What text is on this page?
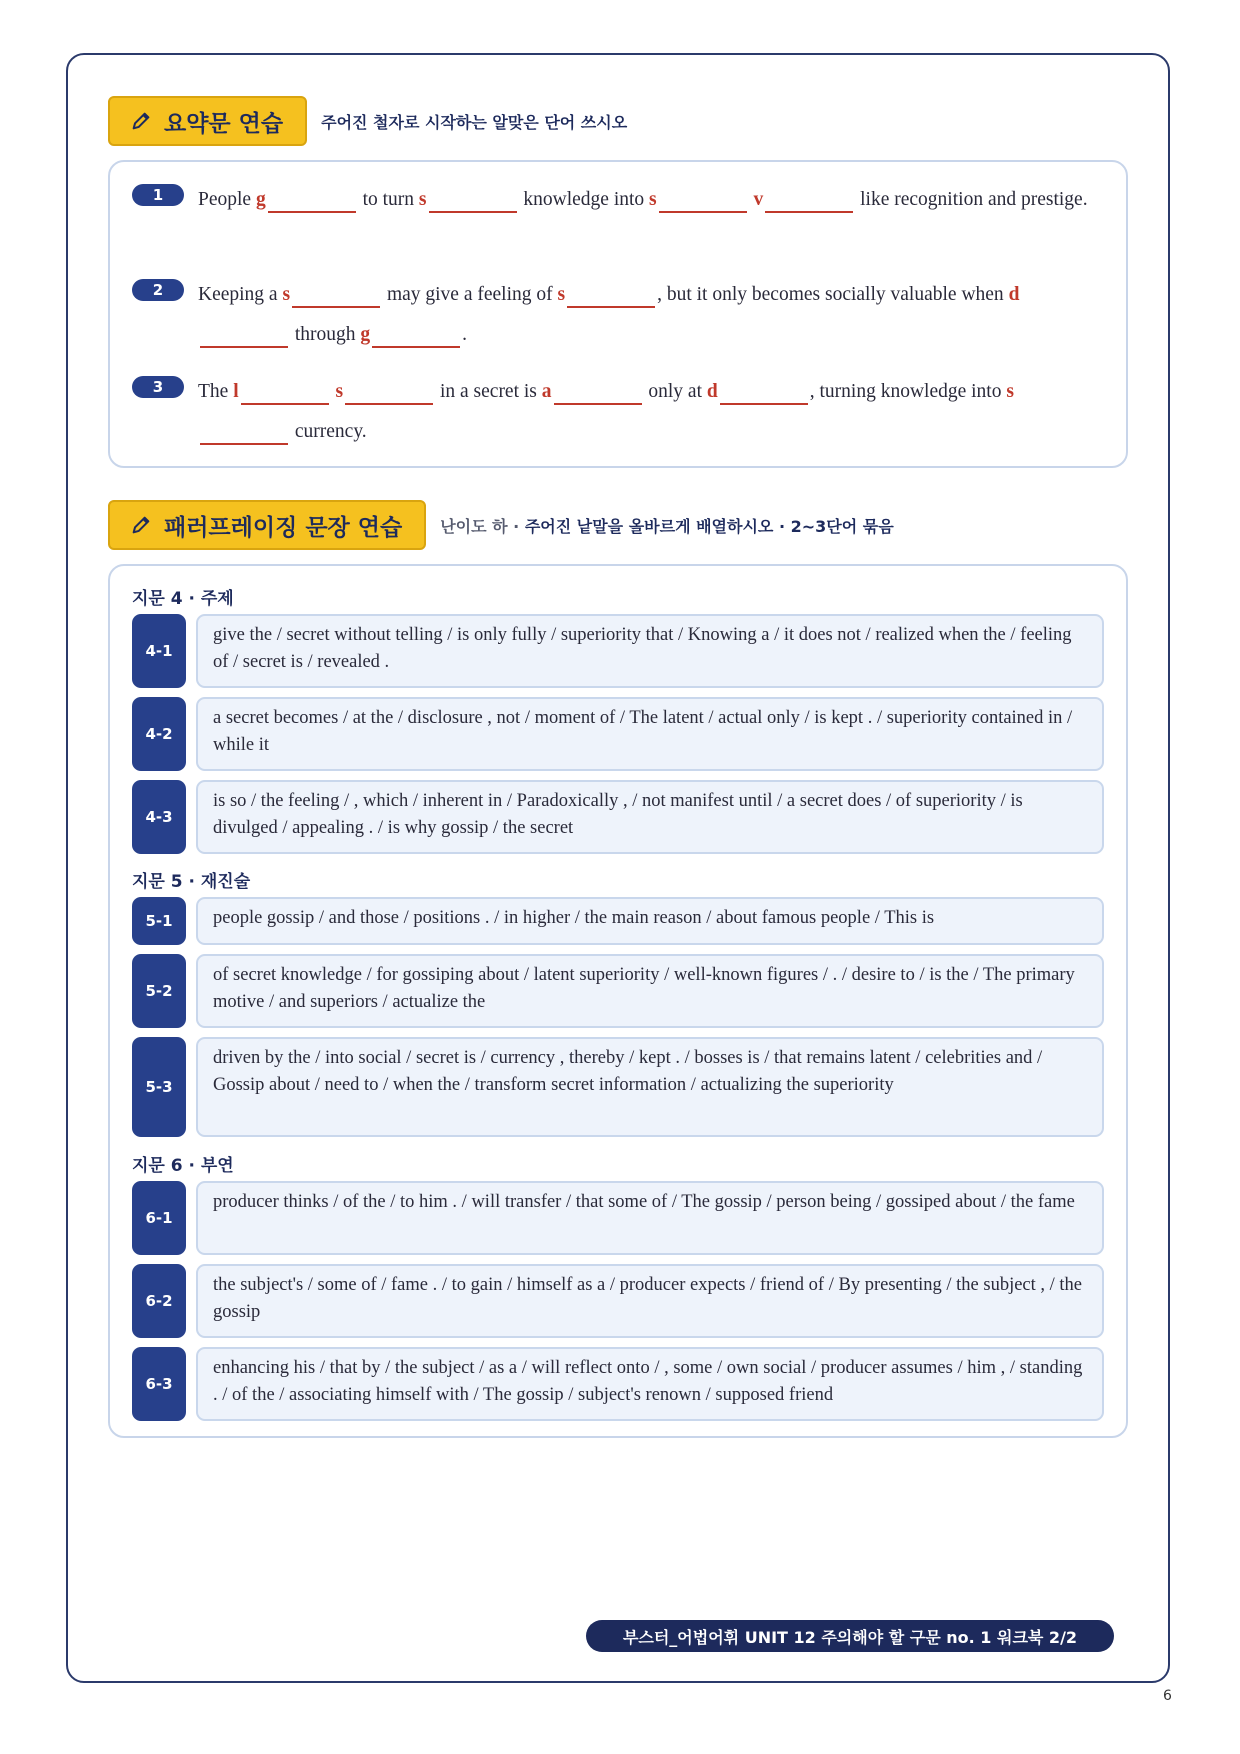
요약문 연습 주어진 철자로 시작하는 알맞은 단어 쓰시오
1	People g	to turn s	knowledge into s	v	like recognition and prestige.
2	Keeping a s	may give a feeling of s	, but it only becomes socially valuable when d through g	.
3	The l	s	in a secret is a	only at d	, turning knowledge into s  currency.
패러프레이징 문장 연습 난이도 하 · 주어진 낱말을 올바르게 배열하시오 · 2~3단어 묶음
지문 4 · 주제
4-1
give the / secret without telling / is only fully / superiority that / Knowing a / it does not / realized when the / feeling of / secret is / revealed .
4-2
a secret becomes / at the / disclosure , not / moment of / The latent / actual only / is kept . / superiority contained in / while it
4-3
is so / the feeling / , which / inherent in / Paradoxically , / not manifest until / a secret does / of superiority / is divulged / appealing . / is why gossip / the secret
지문 5 · 재진술
5-1	people gossip / and those / positions . / in higher / the main reason / about famous people / This is
5-2
of secret knowledge / for gossiping about / latent superiority / well-known figures / . / desire to / is the / The primary motive / and superiors / actualize the
5-3
driven by the / into social / secret is / currency , thereby / kept . / bosses is / that remains latent / celebrities and / Gossip about / need to / when the / transform secret information / actualizing the superiority
지문 6 · 부연
6-1
producer thinks / of the / to him . / will transfer / that some of / The gossip / person being / gossiped about / the fame
6-2
the subject's / some of / fame . / to gain / himself as a / producer expects / friend of / By presenting / the subject , / the gossip
6-3
enhancing his / that by / the subject / as a / will reflect onto / , some / own social / producer assumes / him , / standing . / of the / associating himself with / The gossip / subject's renown / supposed friend
부스터_어법어휘 UNIT 12 주의해야 할 구문 no. 1 워크북 2/2
6
